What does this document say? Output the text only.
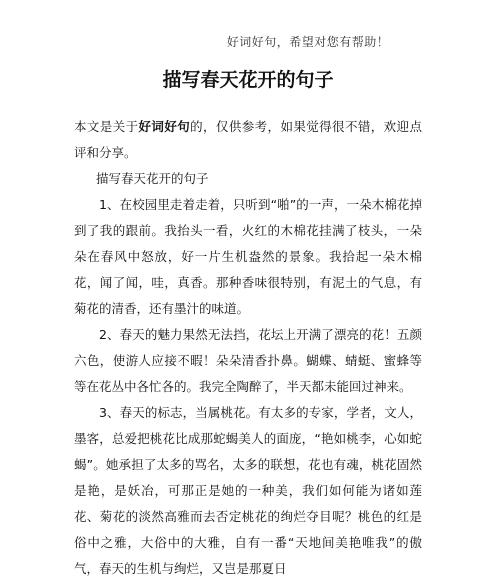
好词好句，希望对您有帮助！
描写春天花开的句子

本文是关于好词好句的，仅供参考，如果觉得很不错，欢迎点评和分享。

描写春天花开的句子

1、在校园里走着走着，只听到“啪”的一声，一朵木棉花掉到了我的跟前。我抬头一看，火红的木棉花挂满了枝头，一朵朵在春风中怒放，好一片生机盎然的景象。我拾起一朵木棉花，闻了闻，哇，真香。那种香味很特别，有泥土的气息，有菊花的清香，还有墨汁的味道。

2、春天的魅力果然无法挡，花坛上开满了漂亮的花！五颜六色，使游人应接不暇！朵朵清香扑鼻。蝴蝶、蜻蜓、蜜蜂等等在花丛中各忙各的。我完全陶醉了，半天都未能回过神来。

3、春天的标志，当属桃花。有太多的专家，学者，文人，墨客，总爱把桃花比成那蛇蝎美人的面庞，“艳如桃李，心如蛇蝎”。她承担了太多的骂名，太多的联想，花也有魂，桃花固然是艳，是妖冶，可那正是她的一种美，我们如何能为诸如莲花、菊花的淡然高雅而去否定桃花的绚烂夺目呢？桃色的红是俗中之雅，大俗中的大雅，自有一番“天地间美艳唯我”的傲气，春天的生机与绚烂，又岂是那夏日
